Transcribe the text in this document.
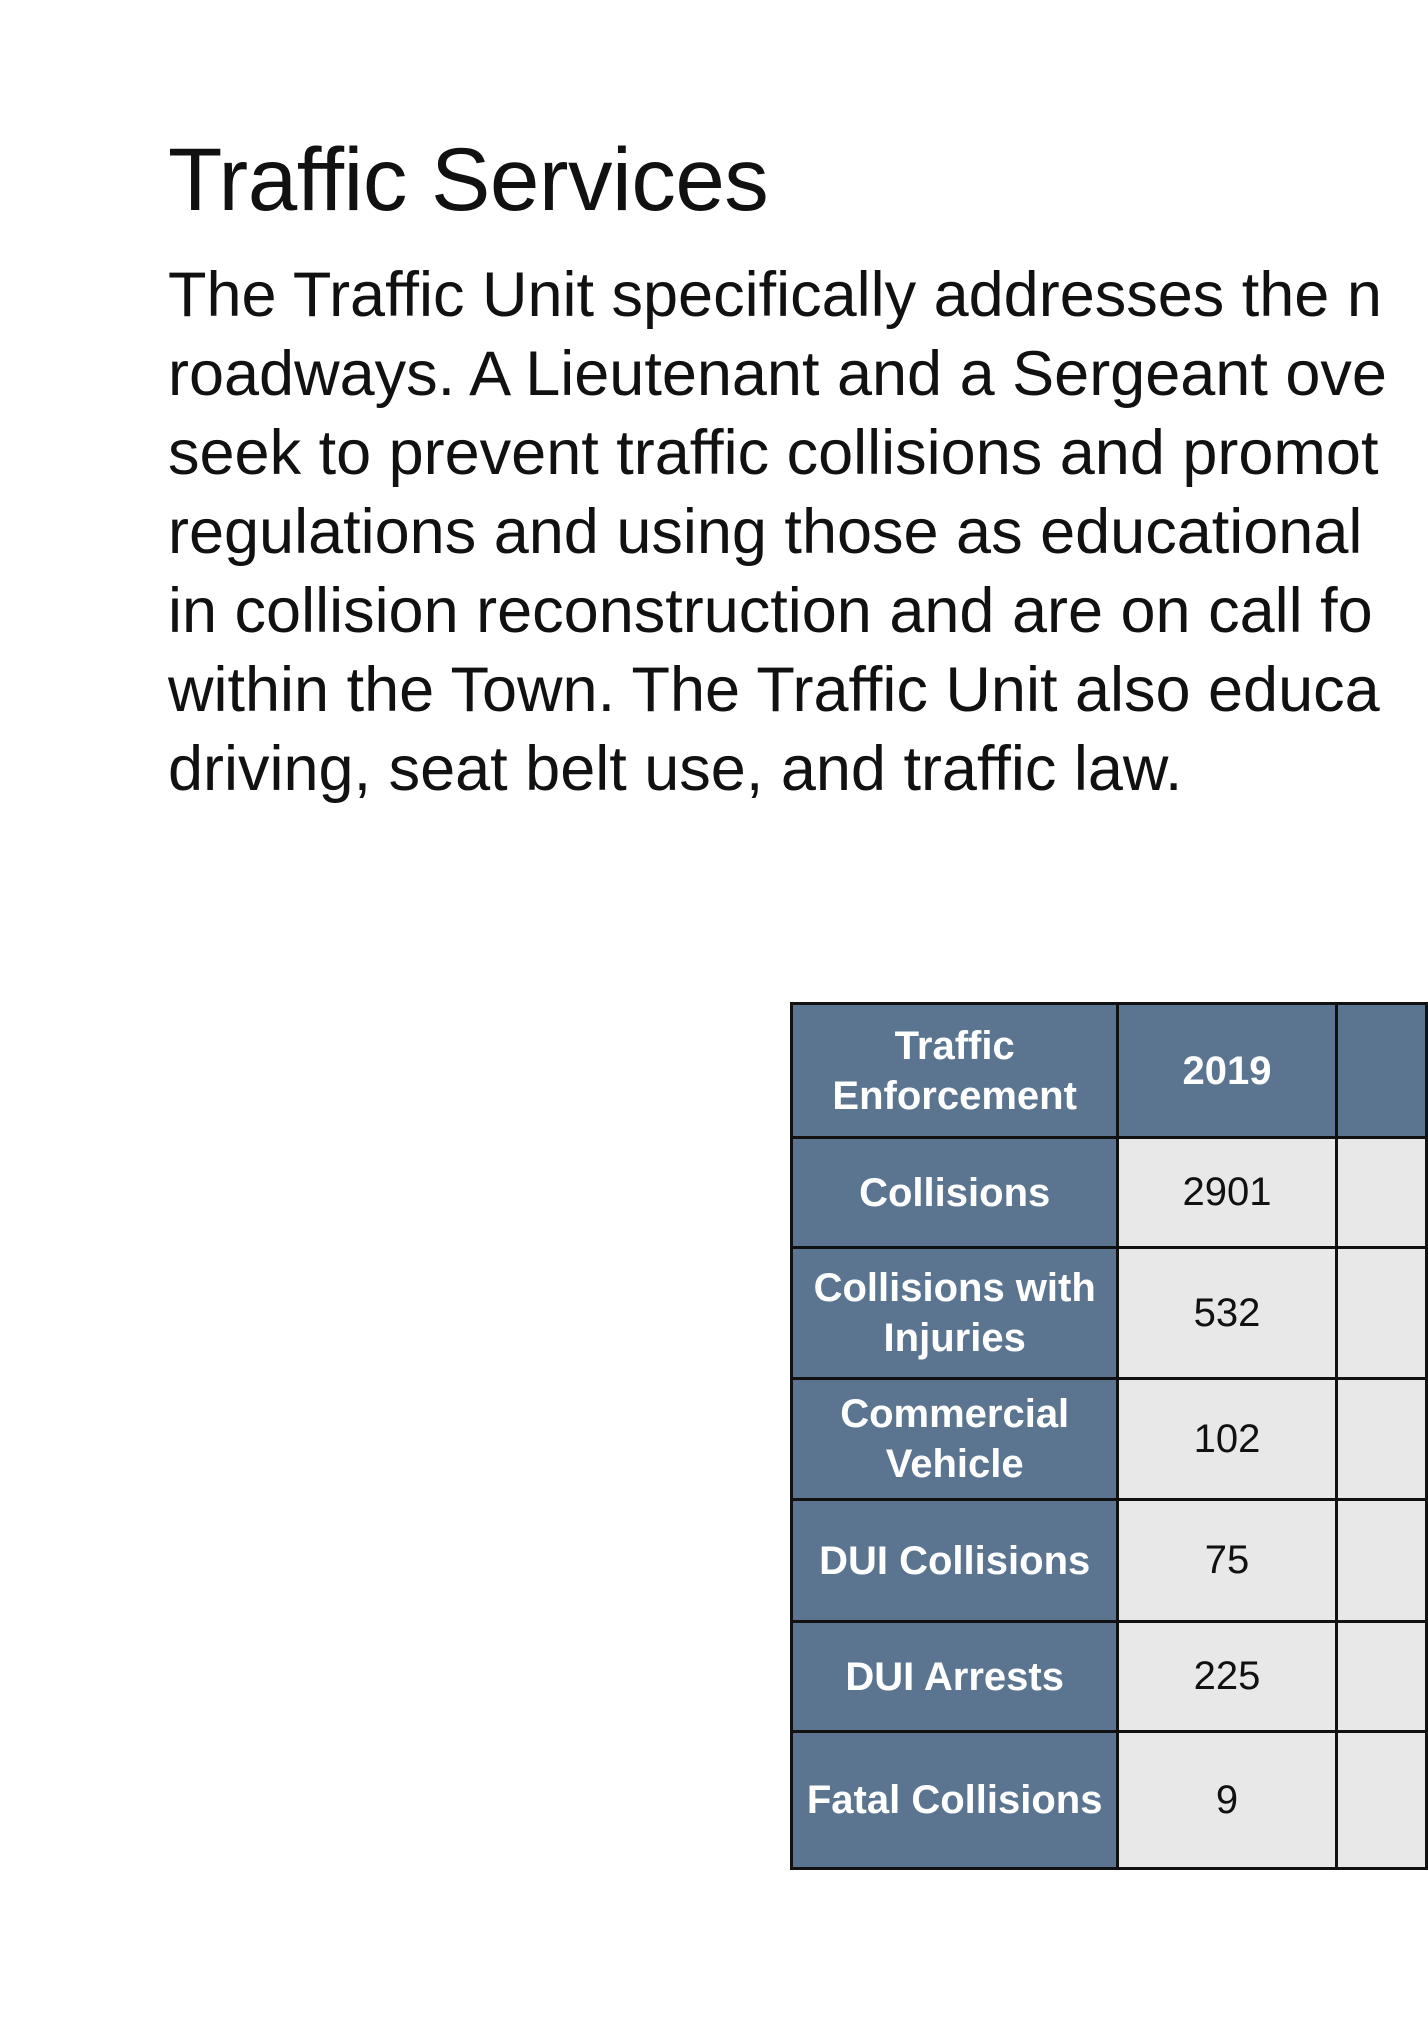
Traffic Services
The Traffic Unit specifically addresses the n
roadways. A Lieutenant and a Sergeant ove
seek to prevent traffic collisions and promot
regulations and using those as educational
in collision reconstruction and are on call fo
within the Town. The Traffic Unit also educa
driving, seat belt use, and traffic law.
Traffic Enforcement	2019	
Collisions	2901	
Collisions with Injuries	532	
Commercial Vehicle	102	
DUI Collisions	75	
DUI Arrests	225	
Fatal Collisions	9	
